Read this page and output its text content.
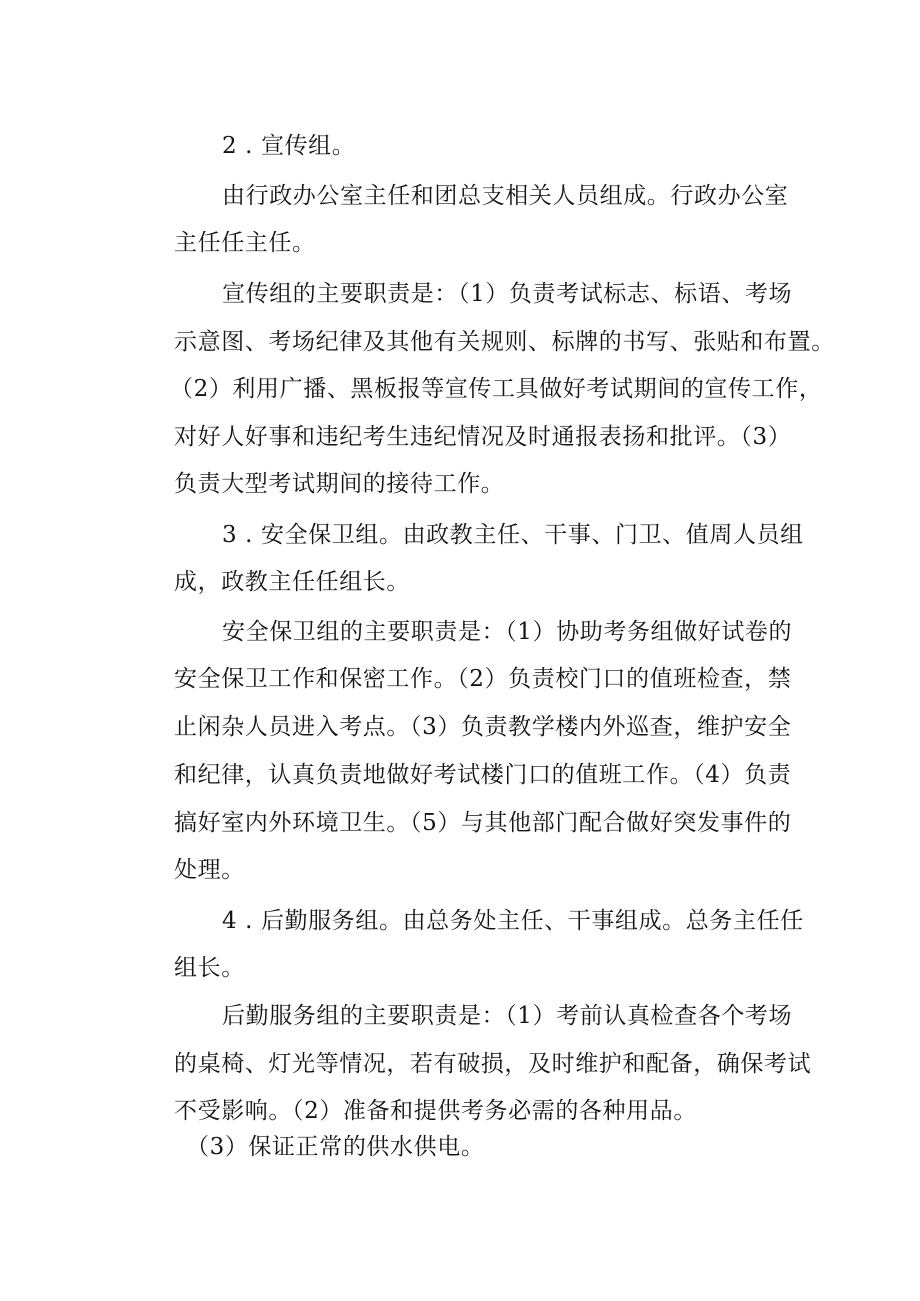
2 . 宣传组。
由行政办公室主任和团总支相关人员组成。行政办公室
主任任主任。
宣传组的主要职责是：（1）负责考试标志、标语、考场
示意图、考场纪律及其他有关规则、标牌的书写、张贴和布置。
（2）利用广播、黑板报等宣传工具做好考试期间的宣传工作，
对好人好事和违纪考生违纪情况及时通报表扬和批评。（3）
负责大型考试期间的接待工作。
3 . 安全保卫组。由政教主任、干事、门卫、值周人员组
成，政教主任任组长。
安全保卫组的主要职责是：（1）协助考务组做好试卷的
安全保卫工作和保密工作。（2）负责校门口的值班检查，禁
止闲杂人员进入考点。（3）负责教学楼内外巡查，维护安全
和纪律，认真负责地做好考试楼门口的值班工作。（4）负责
搞好室内外环境卫生。（5）与其他部门配合做好突发事件的
处理。
4 . 后勤服务组。由总务处主任、干事组成。总务主任任
组长。
后勤服务组的主要职责是：（1）考前认真检查各个考场
的桌椅、灯光等情况，若有破损，及时维护和配备，确保考试
不受影响。（2）准备和提供考务必需的各种用品。
（3）保证正常的供水供电。
